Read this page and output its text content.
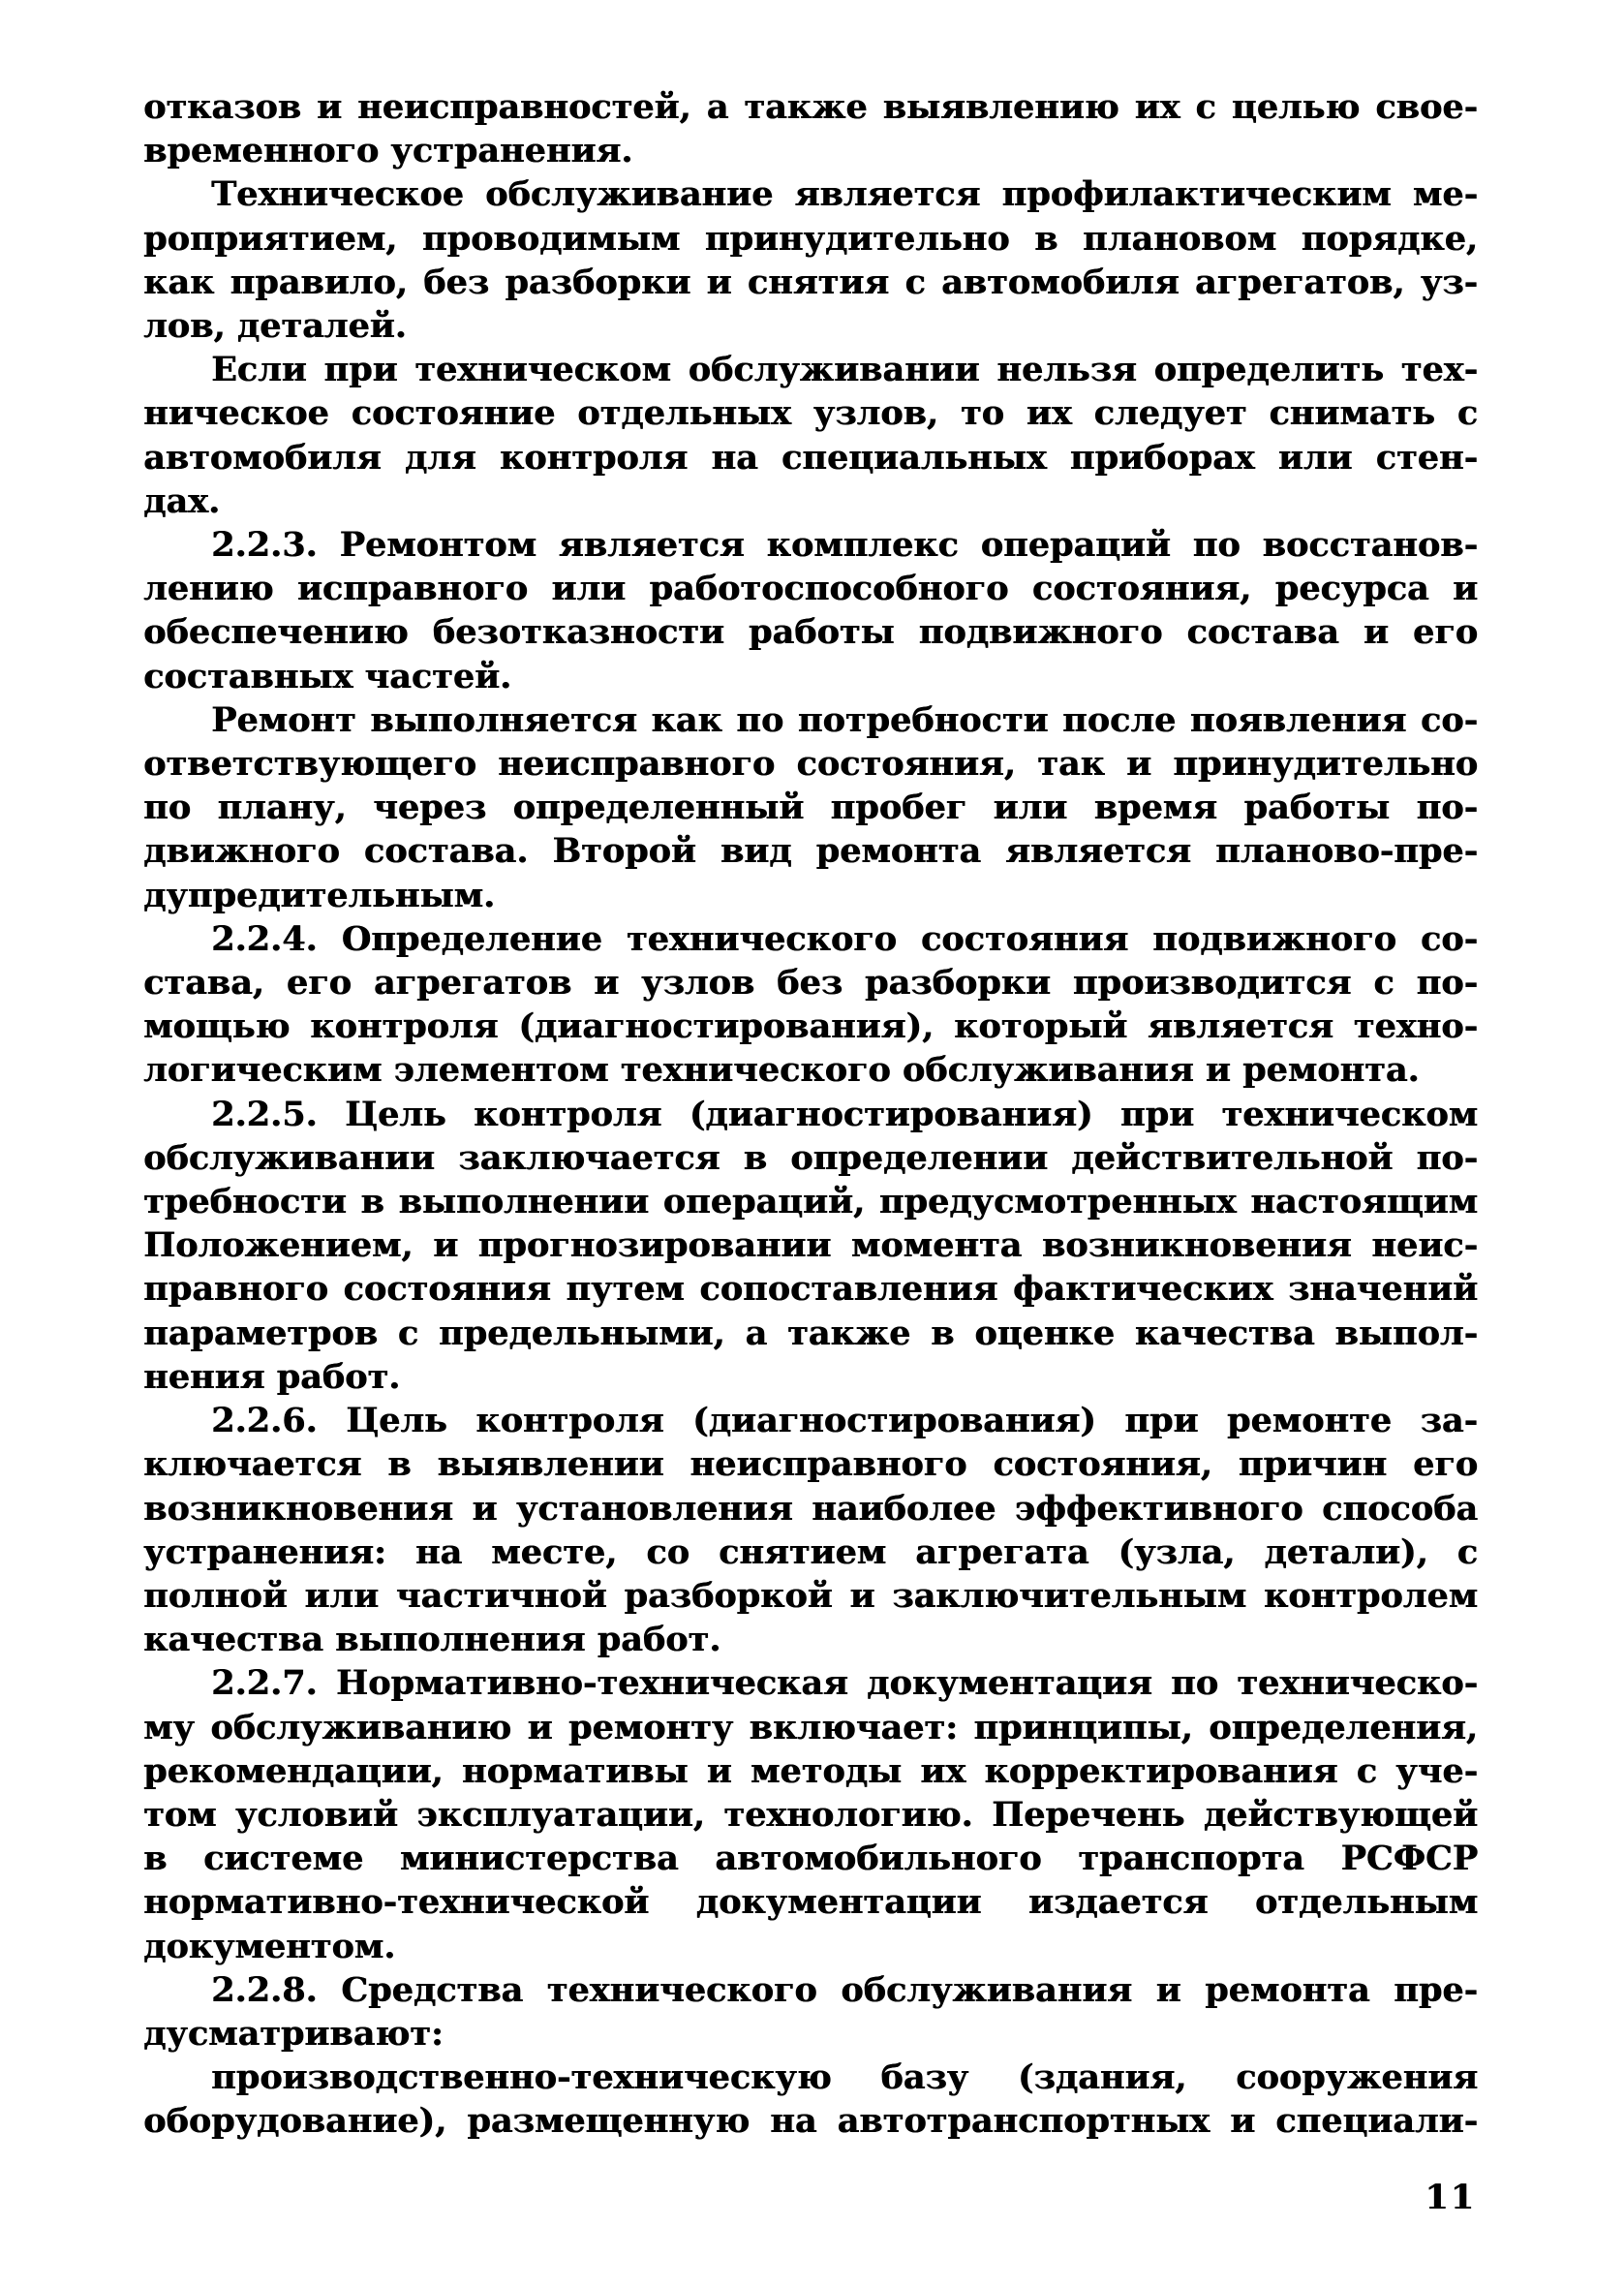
отказов и неисправностей, а также выявлению их с целью свое-
временного устранения.
Техническое обслуживание является профилактическим ме-
роприятием, проводимым принудительно в плановом порядке,
как правило, без разборки и снятия с автомобиля агрегатов, уз-
лов, деталей.
Если при техническом обслуживании нельзя определить тех-
ническое состояние отдельных узлов, то их следует снимать с
автомобиля для контроля на специальных приборах или стен-
дах.
2.2.3. Ремонтом является комплекс операций по восстанов-
лению исправного или работоспособного состояния, ресурса и
обеспечению безотказности работы подвижного состава и его
составных частей.
Ремонт выполняется как по потребности после появления со-
ответствующего неисправного состояния, так и принудительно
по плану, через определенный пробег или время работы по-
движного состава. Второй вид ремонта является планово-пре-
дупредительным.
2.2.4. Определение технического состояния подвижного со-
става, его агрегатов и узлов без разборки производится с по-
мощью контроля (диагностирования), который является техно-
логическим элементом технического обслуживания и ремонта.
2.2.5. Цель контроля (диагностирования) при техническом
обслуживании заключается в определении действительной по-
требности в выполнении операций, предусмотренных настоящим
Положением, и прогнозировании момента возникновения неис-
правного состояния путем сопоставления фактических значений
параметров с предельными, а также в оценке качества выпол-
нения работ.
2.2.6. Цель контроля (диагностирования) при ремонте за-
ключается в выявлении неисправного состояния, причин его
возникновения и установления наиболее эффективного способа
устранения: на месте, со снятием агрегата (узла, детали), с
полной или частичной разборкой и заключительным контролем
качества выполнения работ.
2.2.7. Нормативно-техническая документация по техническо-
му обслуживанию и ремонту включает: принципы, определения,
рекомендации, нормативы и методы их корректирования с уче-
том условий эксплуатации, технологию. Перечень действующей
в системе министерства автомобильного транспорта РСФСР
нормативно-технической документации издается отдельным
документом.
2.2.8. Средства технического обслуживания и ремонта пре-
дусматривают:
производственно-техническую базу (здания, сооружения
оборудование), размещенную на автотранспортных и специали-
11
